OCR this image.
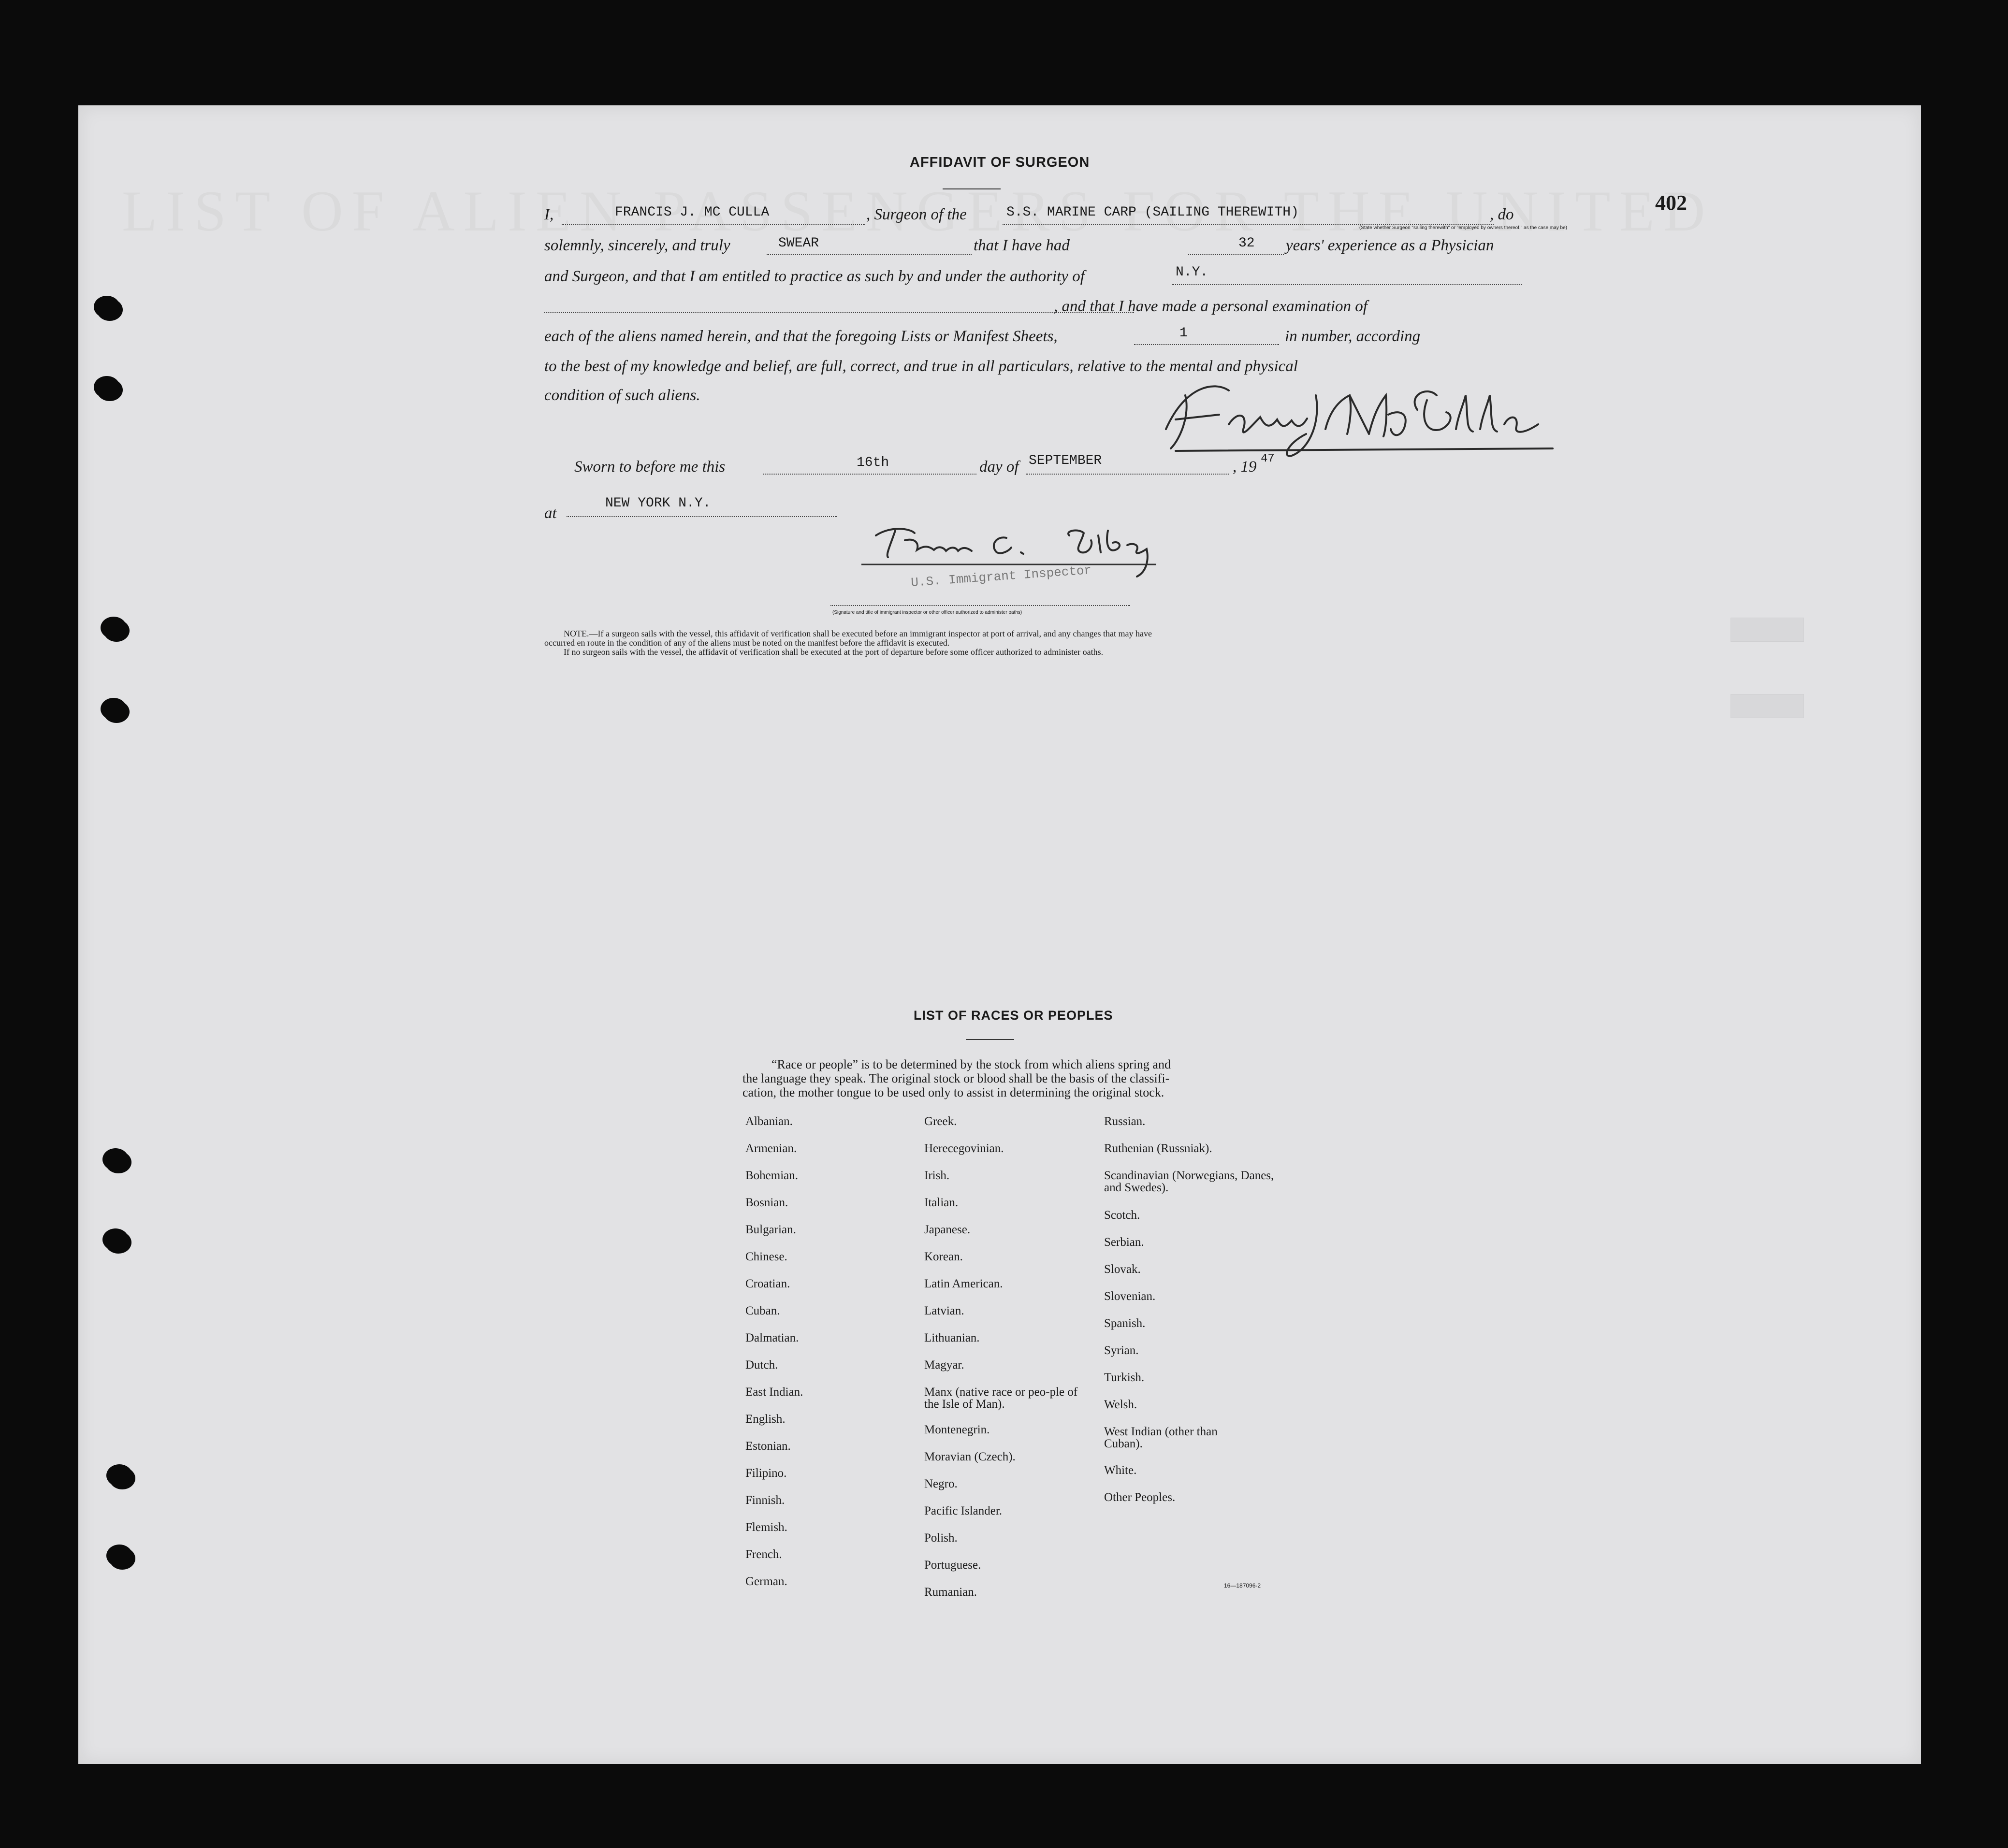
402
AFFIDAVIT OF SURGEON
I,	FRANCIS J. MC CULLA	, Surgeon of the	S.S. MARINE CARP (SAILING THEREWITH)	, do
(State whether Surgeon "sailing therewith" or "employed by owners thereof," as the case may be)
solemnly, sincerely, and truly	SWEAR	that I have had	32 years' experience as a Physician
and Surgeon, and that I am entitled to practice as such by and under the authority of	N.Y.
, and that I have made a personal examination of
each of the aliens named herein, and that the foregoing Lists or Manifest Sheets,	1	in number, according
to the best of my knowledge and belief, are full, correct, and true in all particulars, relative to the mental and physical
condition of such aliens.
Sworn to before me this	16th	day of SEPTEMBER	, 19 47
at
NEW YORK N.Y.
U.S. Immigrant Inspector
(Signature and title of immigrant inspector or other officer authorized to administer oaths)
NOTE.—If a surgeon sails with the vessel, this affidavit of verification shall be executed before an immigrant inspector at port of arrival, and any changes that may have
occurred en route in the condition of any of the aliens must be noted on the manifest before the affidavit is executed.
If no surgeon sails with the vessel, the affidavit of verification shall be executed at the port of departure before some officer authorized to administer oaths.
LIST OF RACES OR PEOPLES
“Race or people” is to be determined by the stock from which aliens spring and
the language they speak. The original stock or blood shall be the basis of the classifi-
cation, the mother tongue to be used only to assist in determining the original stock.
Albanian.
Armenian.
Bohemian.
Bosnian.
Bulgarian.
Chinese.
Croatian.
Cuban.
Dalmatian.
Dutch.
East Indian.
English.
Estonian.
Filipino.
Finnish.
Flemish.
French.
German.
Greek.
Herecegovinian.
Irish.
Italian.
Japanese.
Korean.
Latin American.
Latvian.
Lithuanian.
Magyar.
Manx (native race or peo-ple of the Isle of Man).
Montenegrin.
Moravian (Czech).
Negro.
Pacific Islander.
Polish.
Portuguese.
Rumanian.
Russian.
Ruthenian (Russniak).
Scandinavian (Norwegians, Danes, and Swedes).
Scotch.
Serbian.
Slovak.
Slovenian.
Spanish.
Syrian.
Turkish.
Welsh.
West Indian (other than Cuban).
White.
Other Peoples.
16—187096-2
